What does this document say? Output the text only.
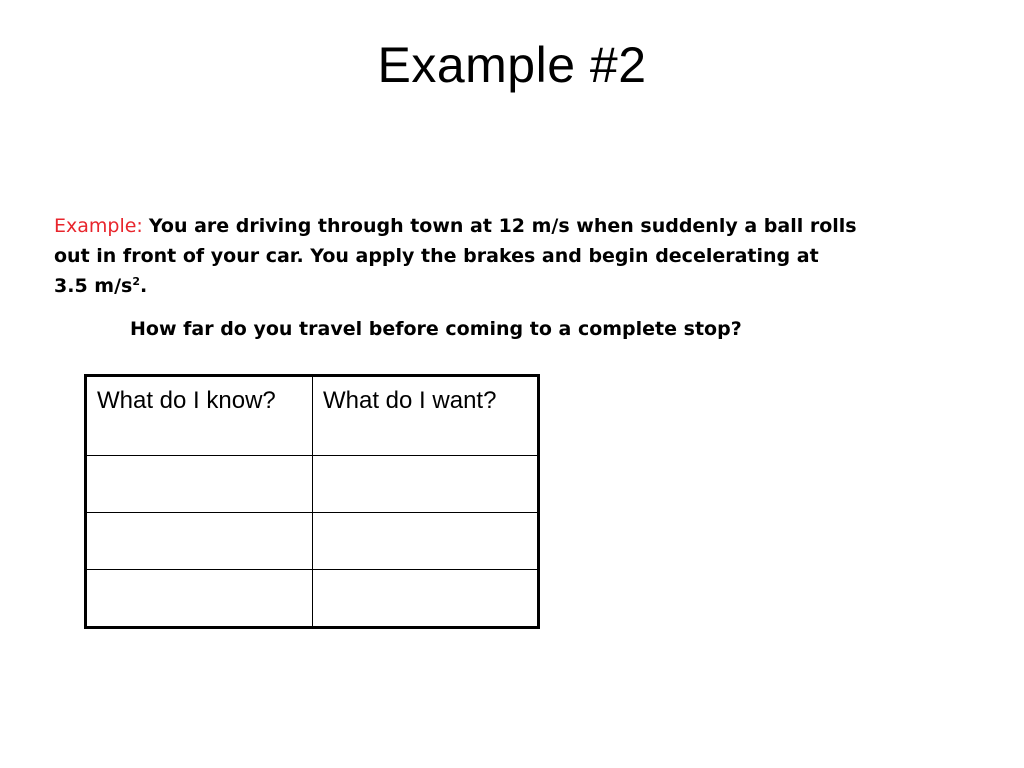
Example #2

Example: You are driving through town at 12 m/s when suddenly a ball rolls
out in front of your car. You apply the brakes and begin decelerating at
3.5 $m/s^2$.

How far do you travel before coming to a complete stop?

What do I know?	What do I want?
